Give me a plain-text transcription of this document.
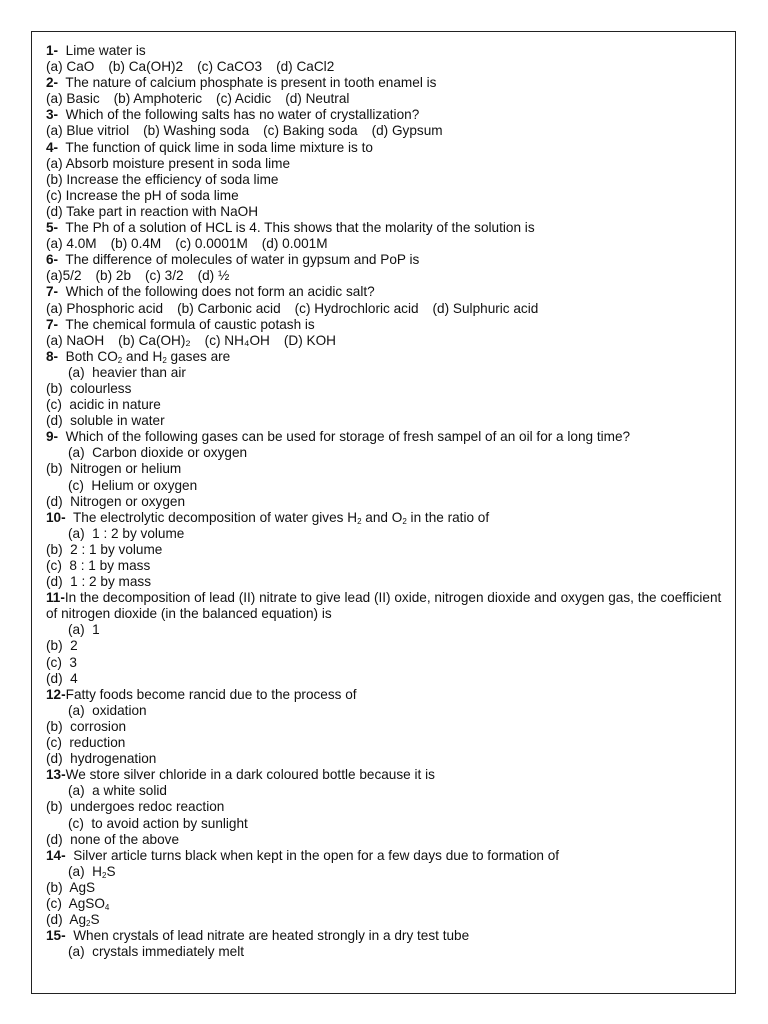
1- Lime water is
(a) CaO (b) Ca(OH)2 (c) CaCO3 (d) CaCl2
2- The nature of calcium phosphate is present in tooth enamel is
(a) Basic (b) Amphoteric (c) Acidic (d) Neutral
3- Which of the following salts has no water of crystallization?
(a) Blue vitriol (b) Washing soda (c) Baking soda (d) Gypsum
4- The function of quick lime in soda lime mixture is to
(a) Absorb moisture present in soda lime
(b) Increase the efficiency of soda lime
(c) Increase the pH of soda lime
(d) Take part in reaction with NaOH
5- The Ph of a solution of HCL is 4. This shows that the molarity of the solution is
(a) 4.0M (b) 0.4M (c) 0.0001M (d) 0.001M
6- The difference of molecules of water in gypsum and PoP is
(a)5/2 (b) 2b (c) 3/2 (d) ½
7- Which of the following does not form an acidic salt?
(a) Phosphoric acid (b) Carbonic acid (c) Hydrochloric acid (d) Sulphuric acid
7- The chemical formula of caustic potash is
(a) NaOH (b) Ca(OH)₂ (c) NH₄OH (D) KOH
8- Both $CO_2$ and $H_2$ gases are
(a)  heavier than air
(b)  colourless
(c)  acidic in nature
(d)  soluble in water
9- Which of the following gases can be used for storage of fresh sampel of an oil for a long time?
(a)  Carbon dioxide or oxygen
(b)  Nitrogen or helium
(c)  Helium or oxygen
(d)  Nitrogen or oxygen
10- The electrolytic decomposition of water gives $H_2$ and $O_2$ in the ratio of
(a)  1 : 2 by volume
(b)  2 : 1 by volume
(c)  8 : 1 by mass
(d)  1 : 2 by mass
11-In the decomposition of lead (II) nitrate to give lead (II) oxide, nitrogen dioxide and oxygen gas, the coefficient of nitrogen dioxide (in the balanced equation) is
(a)  1
(b)  2
(c)  3
(d)  4
12-Fatty foods become rancid due to the process of
(a)  oxidation
(b)  corrosion
(c)  reduction
(d)  hydrogenation
13-We store silver chloride in a dark coloured bottle because it is
(a)  a white solid
(b)  undergoes redoc reaction
(c)  to avoid action by sunlight
(d)  none of the above
14- Silver article turns black when kept in the open for a few days due to formation of
(a)  $H_2S$
(b)  AgS
(c)  AgSO$_4$
(d)  $Ag_2S$
15- When crystals of lead nitrate are heated strongly in a dry test tube
(a)  crystals immediately melt
